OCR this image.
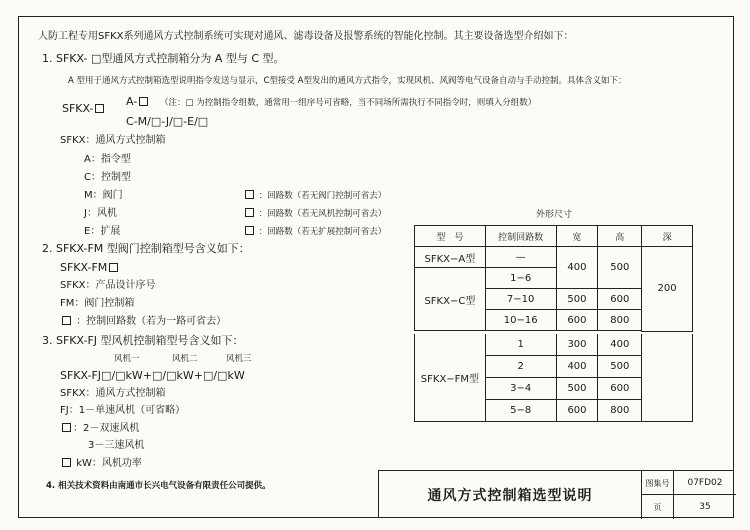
人防工程专用SFKX系列通风方式控制系统可实现对通风、滤毒设备及报警系统的智能化控制。其主要设备选型介绍如下：
1. SFKX- □型通风方式控制箱分为 A 型与 C 型。
A 型用于通风方式控制箱选型说明指令发送与显示，C型接受 A型发出的通风方式指令，实现风机、风阀等电气设备自动与手动控制。具体含义如下：
SFKX-
A-	（注：□ 为控制指令组数，通常用一组序号可省略，当不同场所需执行不同指令时，则填入分组数）
C-M/□-J/□-E/□
SFKX：通风方式控制箱
A：指令型
C：控制型
M：阀门
J：风机
E：扩展
：回路数（若无阀门控制可省去）
：回路数（若无风机控制可省去）
：回路数（若无扩展控制可省去）
2. SFKX-FM 型阀门控制箱型号含义如下：
SFKX-FM
SFKX：产品设计序号
FM：阀门控制箱
：控制回路数（若为一路可省去）
3. SFKX-FJ 型风机控制箱型号含义如下：
风机一	风机二	风机三
SFKX-FJ□/□kW+□/□kW+□/□kW
SFKX：通风方式控制箱
FJ：1－单速风机（可省略）
：2－双速风机
3－三速风机
kW：风机功率
4. 相关技术资料由南通市长兴电气设备有限责任公司提供。
外形尺寸
型　号	控制回路数	宽	高	深
SFKX−A型	—	400	500	200
SFKX−C型	1−6			
	7−10	500	600	
	10−16	600	800	

SFKX−FM型	1	300	400	
	2	400	500	
	3−4	500	600	
	5−8	600	800	
通风方式控制箱选型说明
图集号	07FD02
页	35
